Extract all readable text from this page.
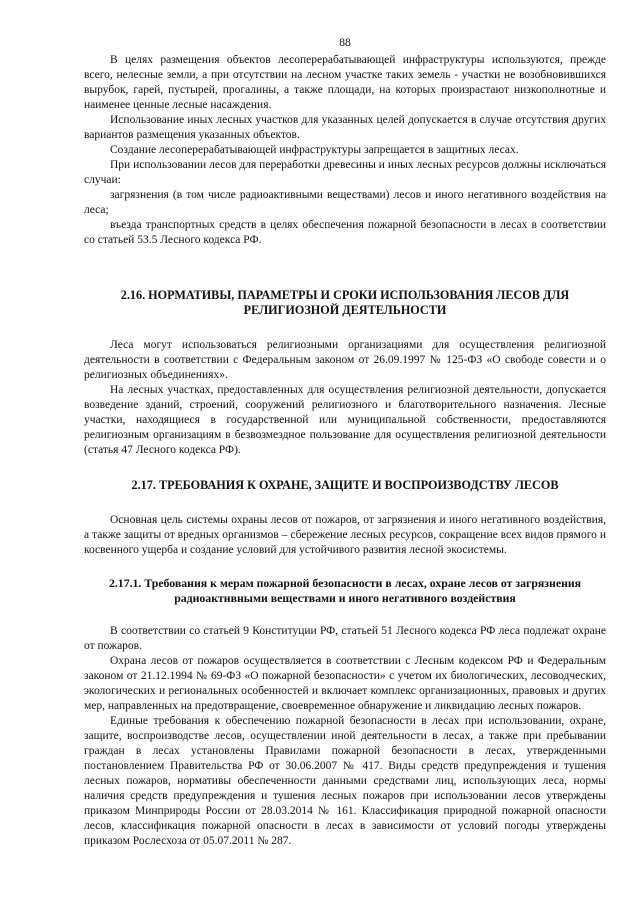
88

В целях размещения объектов лесоперерабатывающей инфраструктуры используются, прежде всего, нелесные земли, а при отсутствии на лесном участке таких земель - участки не возобновившихся вырубок, гарей, пустырей, прогалины, а также площади, на которых произрастают низкополнотные и наименее ценные лесные насаждения.

Использование иных лесных участков для указанных целей допускается в случае отсутствия других вариантов размещения указанных объектов.

Создание лесоперерабатывающей инфраструктуры запрещается в защитных лесах.

При использовании лесов для переработки древесины и иных лесных ресурсов должны исключаться случаи:

загрязнения (в том числе радиоактивными веществами) лесов и иного негативного воздействия на леса;

въезда транспортных средств в целях обеспечения пожарной безопасности в лесах в соответствии со статьей 53.5 Лесного кодекса РФ.

2.16. НОРМАТИВЫ, ПАРАМЕТРЫ И СРОКИ ИСПОЛЬЗОВАНИЯ ЛЕСОВ ДЛЯ РЕЛИГИОЗНОЙ ДЕЯТЕЛЬНОСТИ

Леса могут использоваться религиозными организациями для осуществления религиозной деятельности в соответствии с Федеральным законом от 26.09.1997 № 125-ФЗ «О свободе совести и о религиозных объединениях».

На лесных участках, предоставленных для осуществления религиозной деятельности, допускается возведение зданий, строений, сооружений религиозного и благотворительного назначения. Лесные участки, находящиеся в государственной или муниципальной собственности, предоставляются религиозным организациям в безвозмездное пользование для осуществления религиозной деятельности (статья 47 Лесного кодекса РФ).

2.17. ТРЕБОВАНИЯ К ОХРАНЕ, ЗАЩИТЕ И ВОСПРОИЗВОДСТВУ ЛЕСОВ

Основная цель системы охраны лесов от пожаров, от загрязнения и иного негативного воздействия, а также защиты от вредных организмов – сбережение лесных ресурсов, сокращение всех видов прямого и косвенного ущерба и создание условий для устойчивого развития лесной экосистемы.

2.17.1. Требования к мерам пожарной безопасности в лесах, охране лесов от загрязнения радиоактивными веществами и иного негативного воздействия

В соответствии со статьей 9 Конституции РФ, статьей 51 Лесного кодекса РФ леса подлежат охране от пожаров.

Охрана лесов от пожаров осуществляется в соответствии с Лесным кодексом РФ и Федеральным законом от 21.12.1994 № 69-ФЗ «О пожарной безопасности» с учетом их биологических, лесоводческих, экологических и региональных особенностей и включает комплекс организационных, правовых и других мер, направленных на предотвращение, своевременное обнаружение и ликвидацию лесных пожаров.

Единые требования к обеспечению пожарной безопасности в лесах при использовании, охране, защите, воспроизводстве лесов, осуществлении иной деятельности в лесах, а также при пребывании граждан в лесах установлены Правилами пожарной безопасности в лесах, утвержденными постановлением Правительства РФ от 30.06.2007 № 417. Виды средств предупреждения и тушения лесных пожаров, нормативы обеспеченности данными средствами лиц, использующих леса, нормы наличия средств предупреждения и тушения лесных пожаров при использовании лесов утверждены приказом Минприроды России от 28.03.2014 № 161. Классификация природной пожарной опасности лесов, классификация пожарной опасности в лесах в зависимости от условий погоды утверждены приказом Рослесхоза от 05.07.2011 № 287.
